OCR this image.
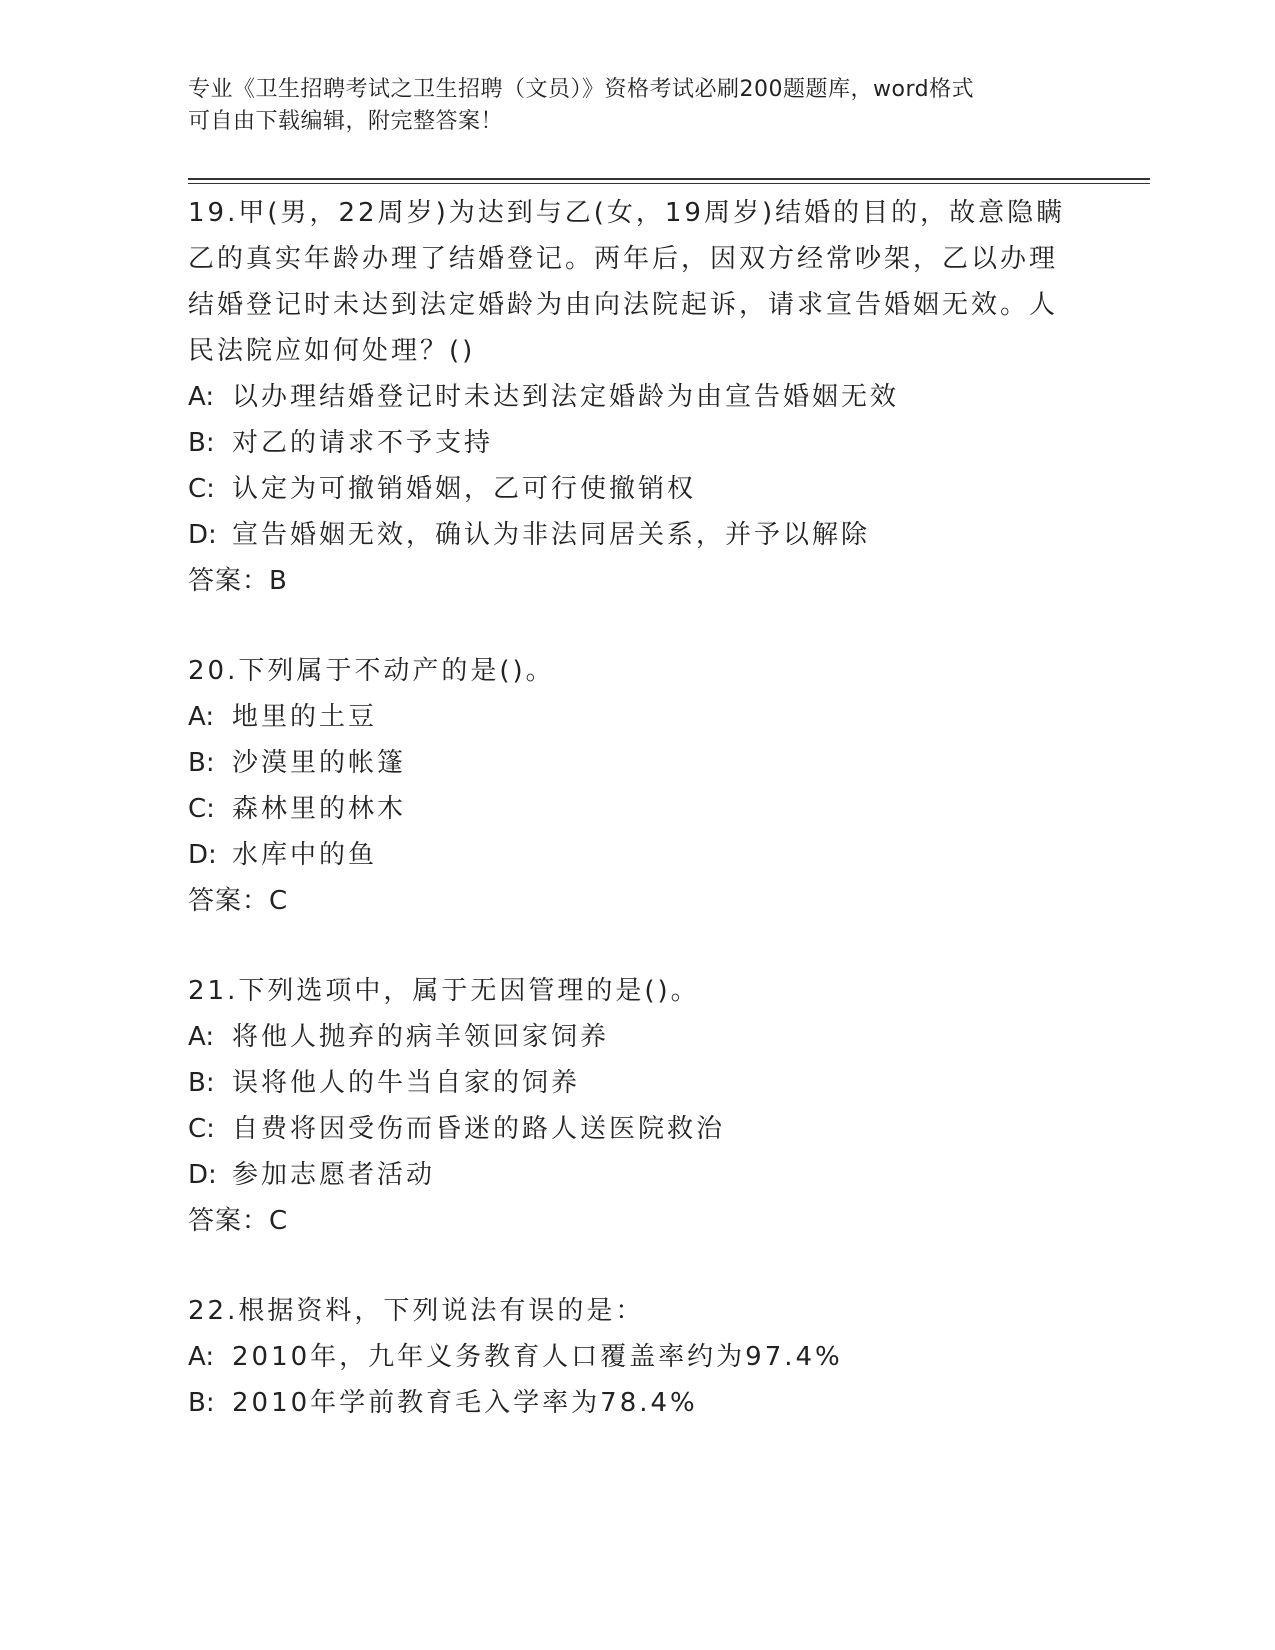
专业《卫生招聘考试之卫生招聘（文员）》资格考试必刷200题题库，word格式
可自由下载编辑，附完整答案！

19.甲(男，22周岁)为达到与乙(女，19周岁)结婚的目的，故意隐瞒乙的真实年龄办理了结婚登记。两年后，因双方经常吵架，乙以办理结婚登记时未达到法定婚龄为由向法院起诉，请求宣告婚姻无效。人民法院应如何处理？()

A: 以办理结婚登记时未达到法定婚龄为由宣告婚姻无效

B: 对乙的请求不予支持

C: 认定为可撤销婚姻，乙可行使撤销权

D: 宣告婚姻无效，确认为非法同居关系，并予以解除

答案：B

20.下列属于不动产的是()。

A: 地里的土豆

B: 沙漠里的帐篷

C: 森林里的林木

D: 水库中的鱼

答案：C

21.下列选项中，属于无因管理的是()。

A: 将他人抛弃的病羊领回家饲养

B: 误将他人的牛当自家的饲养

C: 自费将因受伤而昏迷的路人送医院救治

D: 参加志愿者活动

答案：C

22.根据资料，下列说法有误的是：

A: 2010年，九年义务教育人口覆盖率约为97.4%

B: 2010年学前教育毛入学率为78.4%
